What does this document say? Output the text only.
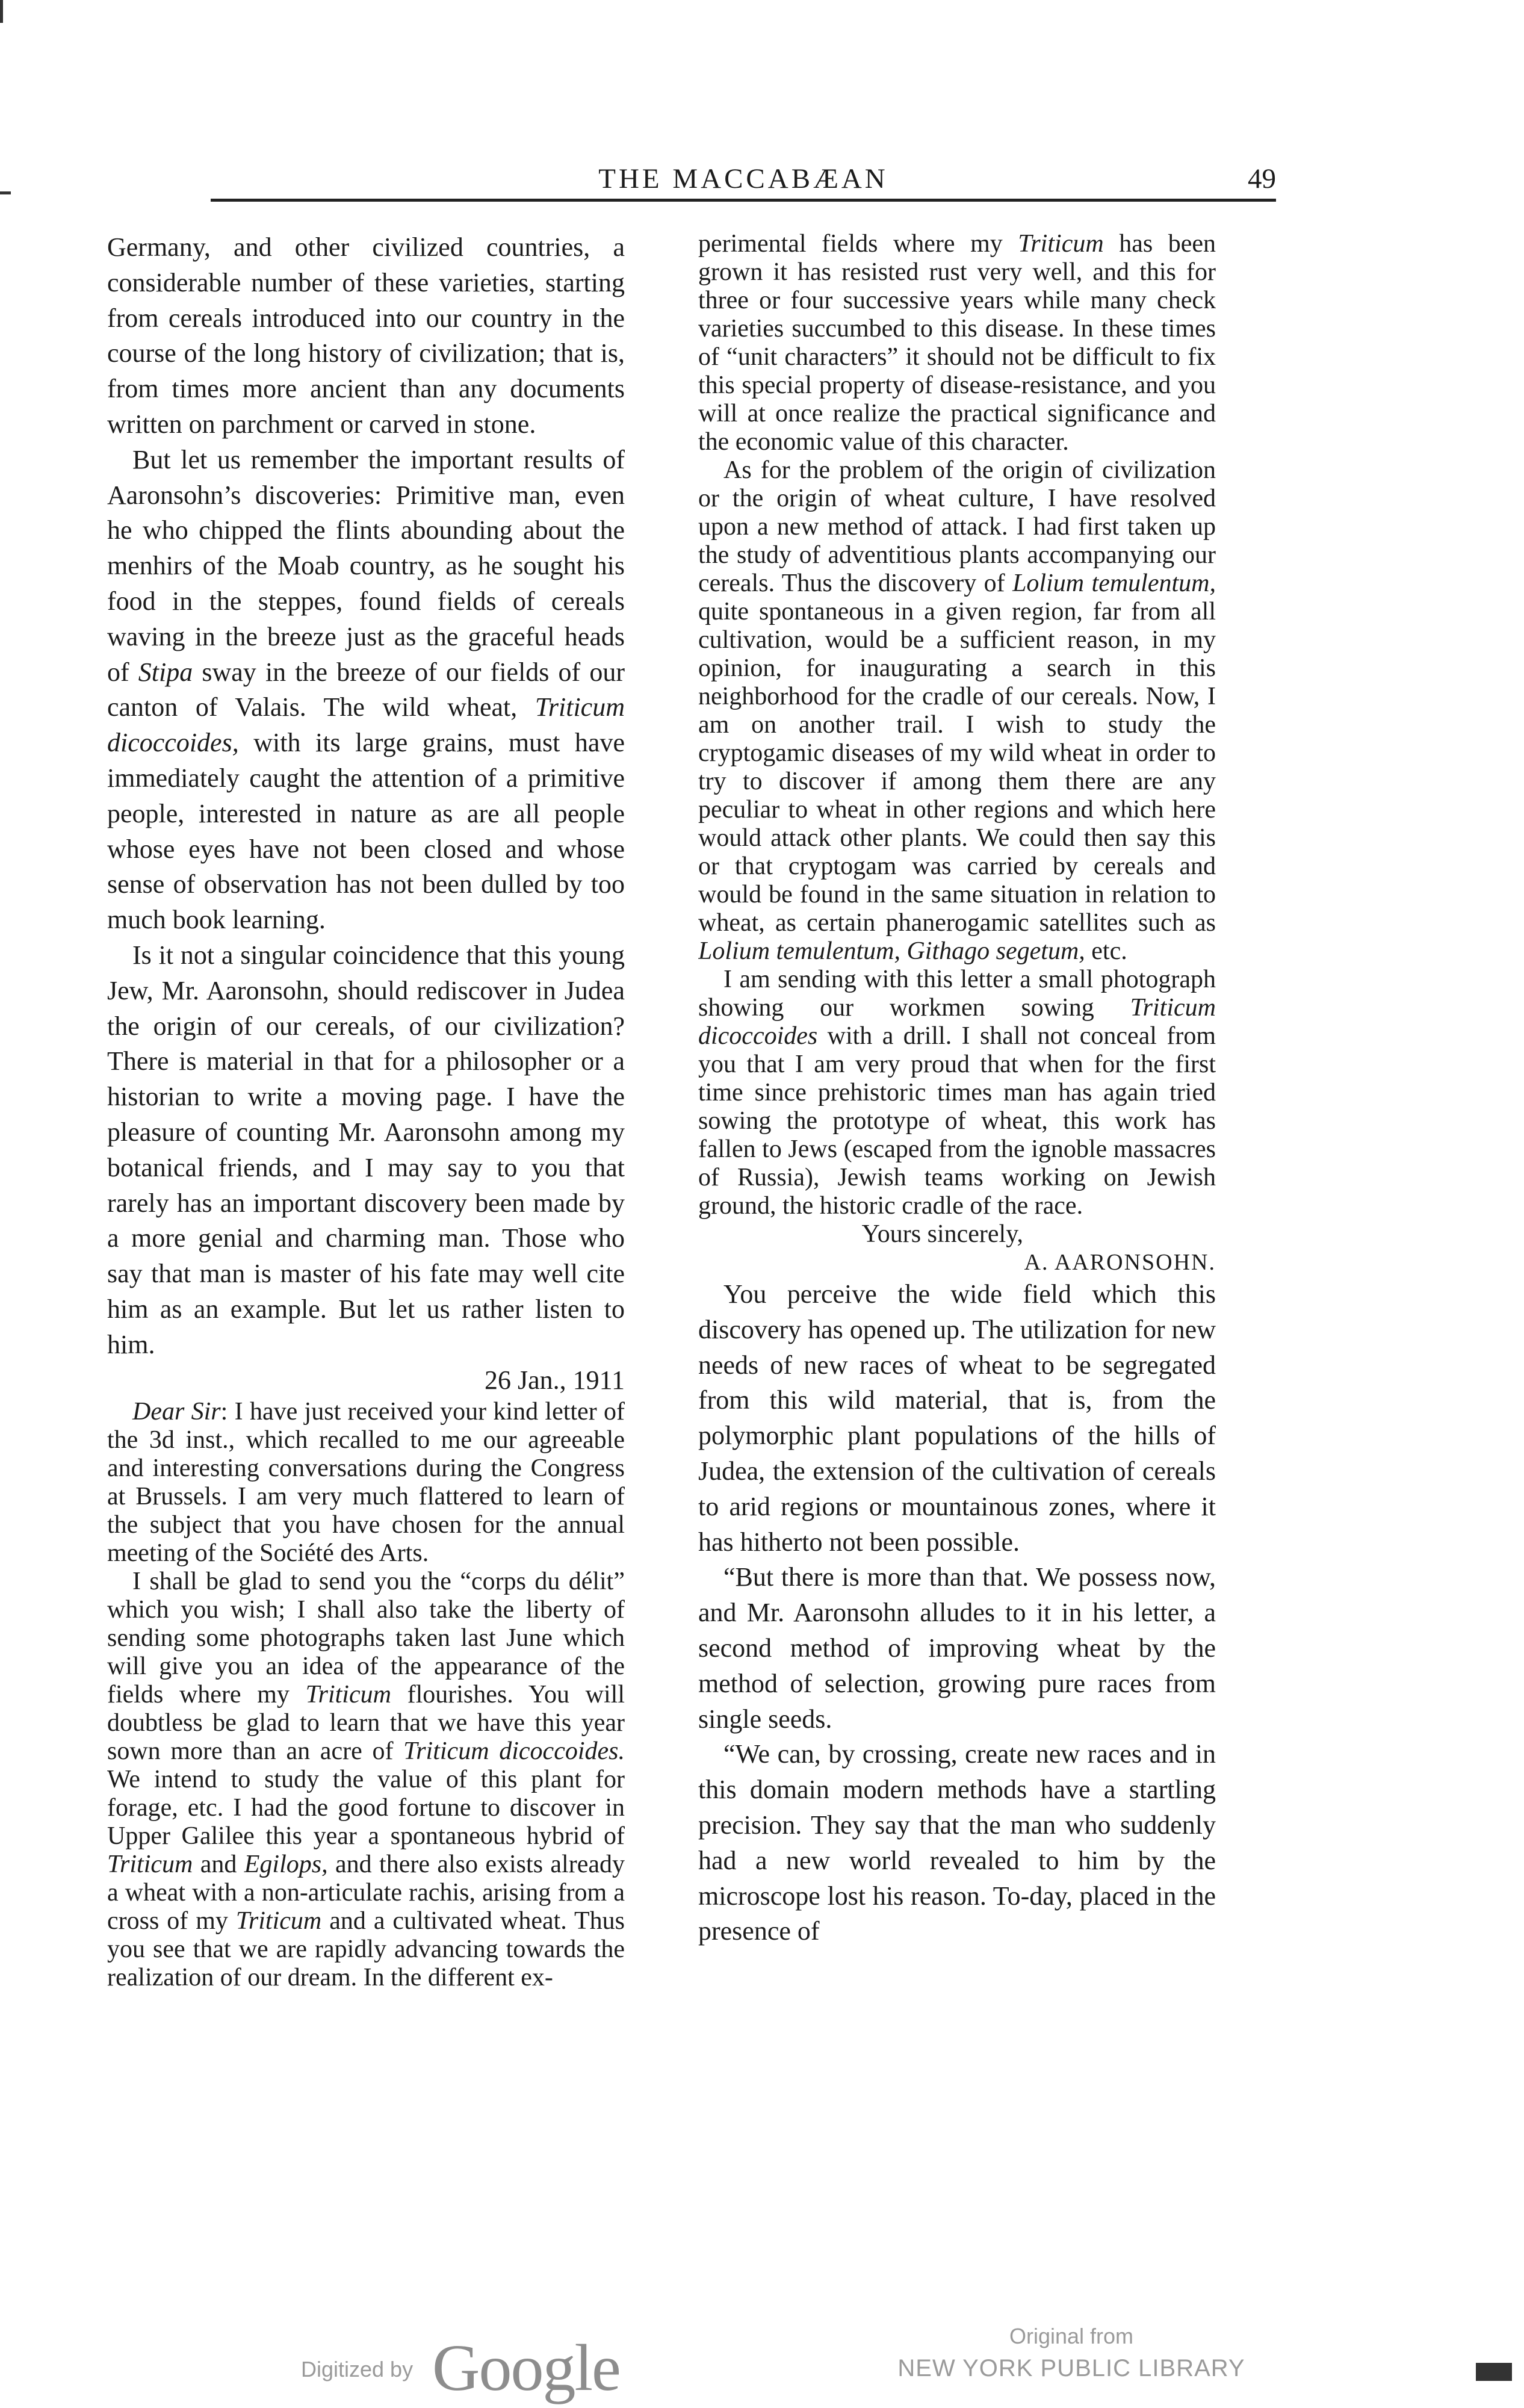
THE MACCABÆAN	49

Germany, and other civilized countries, a considerable number of these varieties, starting from cereals introduced into our country in the course of the long history of civilization; that is, from times more ancient than any documents written on parchment or carved in stone.

But let us remember the important results of Aaronsohn’s discoveries: Primitive man, even he who chipped the flints abounding about the menhirs of the Moab country, as he sought his food in the steppes, found fields of cereals waving in the breeze just as the graceful heads of Stipa sway in the breeze of our fields of our canton of Valais. The wild wheat, Triticum dicoccoides, with its large grains, must have immediately caught the attention of a primitive people, interested in nature as are all people whose eyes have not been closed and whose sense of observation has not been dulled by too much book learning.

Is it not a singular coincidence that this young Jew, Mr. Aaronsohn, should rediscover in Judea the origin of our cereals, of our civilization? There is material in that for a philosopher or a historian to write a moving page. I have the pleasure of counting Mr. Aaronsohn among my botanical friends, and I may say to you that rarely has an important discovery been made by a more genial and charming man. Those who say that man is master of his fate may well cite him as an example. But let us rather listen to him.

26 Jan., 1911

Dear Sir: I have just received your kind letter of the 3d inst., which recalled to me our agreeable and interesting conversations during the Congress at Brussels. I am very much flattered to learn of the subject that you have chosen for the annual meeting of the Société des Arts.

I shall be glad to send you the “corps du délit” which you wish; I shall also take the liberty of sending some photographs taken last June which will give you an idea of the appearance of the fields where my Triticum flourishes. You will doubtless be glad to learn that we have this year sown more than an acre of Triticum dicoccoides. We intend to study the value of this plant for forage, etc. I had the good fortune to discover in Upper Galilee this year a spontaneous hybrid of Triticum and Egilops, and there also exists already a wheat with a non-articulate rachis, arising from a cross of my Triticum and a cultivated wheat. Thus you see that we are rapidly advancing towards the realization of our dream. In the different ex-

perimental fields where my Triticum has been grown it has resisted rust very well, and this for three or four successive years while many check varieties succumbed to this disease. In these times of “unit characters” it should not be difficult to fix this special property of disease-resistance, and you will at once realize the practical significance and the economic value of this character.

As for the problem of the origin of civilization or the origin of wheat culture, I have resolved upon a new method of attack. I had first taken up the study of adventitious plants accompanying our cereals. Thus the discovery of Lolium temulentum, quite spontaneous in a given region, far from all cultivation, would be a sufficient reason, in my opinion, for inaugurating a search in this neighborhood for the cradle of our cereals. Now, I am on another trail. I wish to study the cryptogamic diseases of my wild wheat in order to try to discover if among them there are any peculiar to wheat in other regions and which here would attack other plants. We could then say this or that cryptogam was carried by cereals and would be found in the same situation in relation to wheat, as certain phanerogamic satellites such as Lolium temulentum, Githago segetum, etc.

I am sending with this letter a small photograph showing our workmen sowing Triticum dicoccoides with a drill. I shall not conceal from you that I am very proud that when for the first time since prehistoric times man has again tried sowing the prototype of wheat, this work has fallen to Jews (escaped from the ignoble massacres of Russia), Jewish teams working on Jewish ground, the historic cradle of the race.

Yours sincerely,

A. AARONSOHN.

You perceive the wide field which this discovery has opened up. The utilization for new needs of new races of wheat to be segregated from this wild material, that is, from the polymorphic plant populations of the hills of Judea, the extension of the cultivation of cereals to arid regions or mountainous zones, where it has hitherto not been possible.

“But there is more than that. We possess now, and Mr. Aaronsohn alludes to it in his letter, a second method of improving wheat by the method of selection, growing pure races from single seeds.

“We can, by crossing, create new races and in this domain modern methods have a startling precision. They say that the man who suddenly had a new world revealed to him by the microscope lost his reason. To-day, placed in the presence of

Digitized by Google	Original from
NEW YORK PUBLIC LIBRARY
